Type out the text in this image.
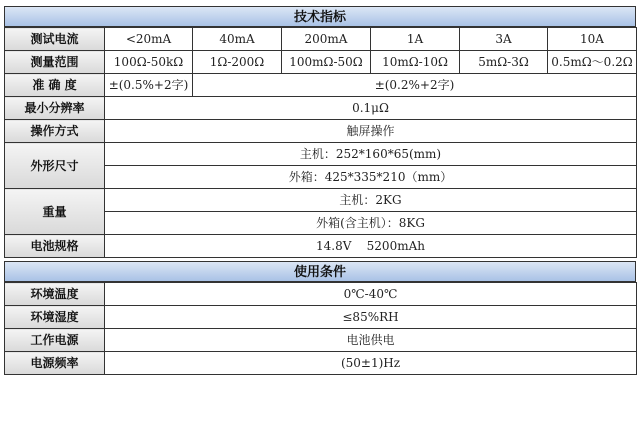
技术指标
测试电流	<20mA	40mA	200mA	1A	3A	10A
测量范围	100Ω-50kΩ	1Ω-200Ω	100mΩ-50Ω	10mΩ-10Ω	5mΩ-3Ω	0.5mΩ～0.2Ω
准 确 度	±(0.5%+2字)	±(0.2%+2字)				
最小分辨率	0.1μΩ					
操作方式	触屏操作					
外形尺寸	主机：252*160*65(mm)					
	外箱：425*335*210（mm）					
重量	主机：2KG					
	外箱(含主机）：8KG					
电池规格	14.8V    5200mAh					
使用条件
环境温度	0℃-40℃
环境湿度	≤85%RH
工作电源	电池供电
电源频率	(50±1)Hz
